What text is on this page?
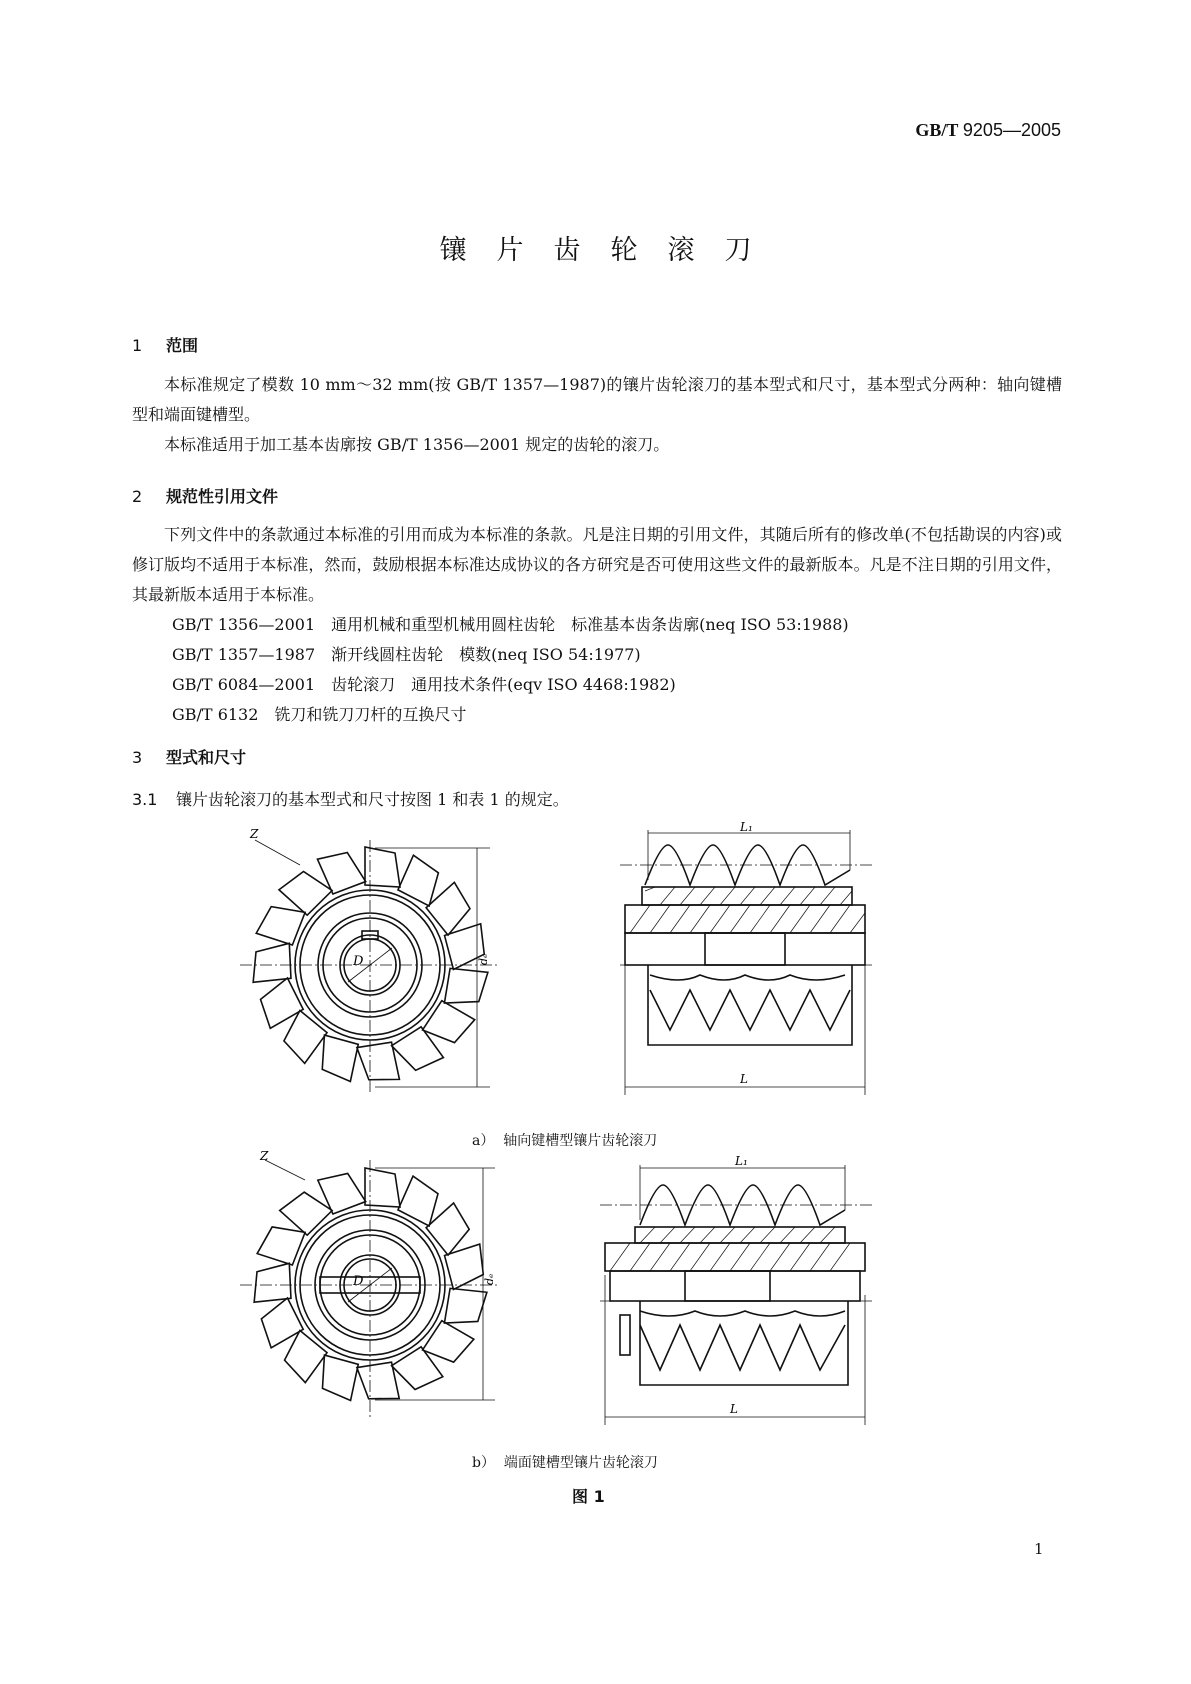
GB/T 9205—2005
镶片齿轮滚刀
1 范围
本标准规定了模数 10 mm～32 mm(按 GB/T 1357—1987)的镶片齿轮滚刀的基本型式和尺寸，基本型式分两种：轴向键槽型和端面键槽型。
本标准适用于加工基本齿廓按 GB/T 1356—2001 规定的齿轮的滚刀。
2 规范性引用文件
下列文件中的条款通过本标准的引用而成为本标准的条款。凡是注日期的引用文件，其随后所有的修改单(不包括勘误的内容)或修订版均不适用于本标准，然而，鼓励根据本标准达成协议的各方研究是否可使用这些文件的最新版本。凡是不注日期的引用文件，其最新版本适用于本标准。
GB/T 1356—2001　通用机械和重型机械用圆柱齿轮　标准基本齿条齿廓(neq ISO 53:1988)
GB/T 1357—1987　渐开线圆柱齿轮　模数(neq ISO 54:1977)
GB/T 6084—2001　齿轮滚刀　通用技术条件(eqv ISO 4468:1982)
GB/T 6132　铣刀和铣刀刀杆的互换尺寸
3 型式和尺寸
3.1 镶片齿轮滚刀的基本型式和尺寸按图 1 和表 1 的规定。
Z
D	dₑ
L₁
L
a） 轴向键槽型镶片齿轮滚刀
Z
D	dₑ
L₁
L
b） 端面键槽型镶片齿轮滚刀
图 1
1
